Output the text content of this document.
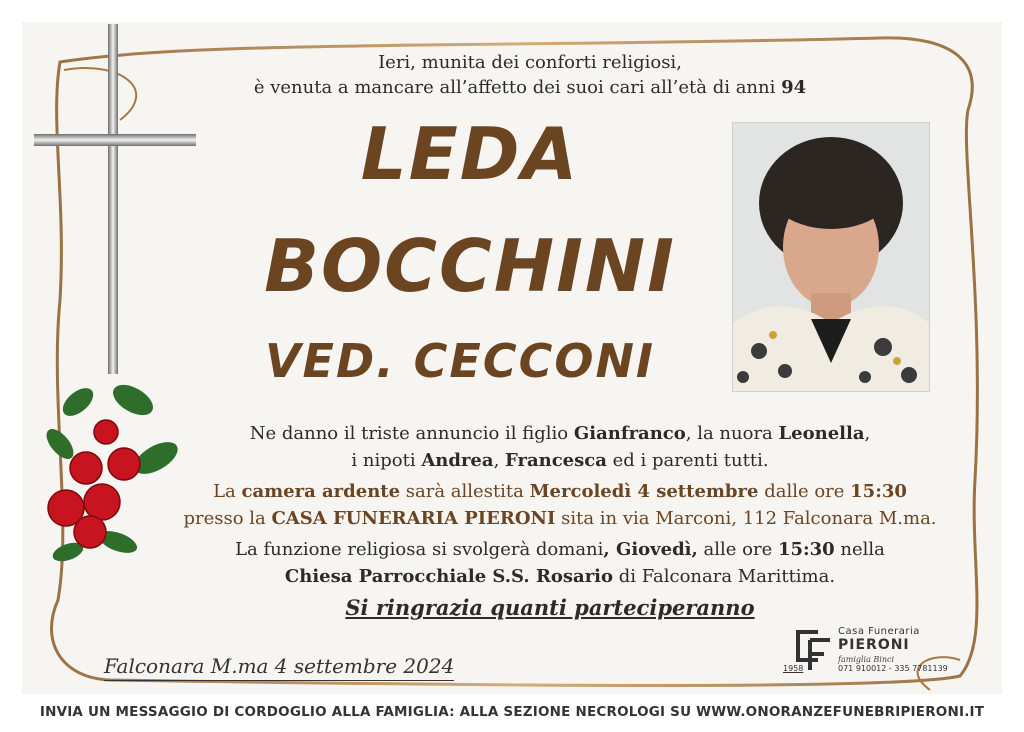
Ieri, munita dei conforti religiosi,
è venuta a mancare all’affetto dei suoi cari all’età di anni 94
LEDA
BOCCHINI
VED. CECCONI
Ne danno il triste annuncio il figlio Gianfranco, la nuora Leonella,
i nipoti Andrea, Francesca ed i parenti tutti.
La camera ardente sarà allestita Mercoledì 4 settembre dalle ore 15:30
presso la CASA FUNERARIA PIERONI sita in via Marconi, 112 Falconara M.ma.
La funzione religiosa si svolgerà domani, Giovedì, alle ore 15:30 nella
Chiesa Parrocchiale S.S. Rosario di Falconara Marittima.
Si ringrazia quanti parteciperanno
Falconara M.ma 4 settembre 2024
Casa Funeraria
PIERONI
famiglia Binci
071 910012 - 335 7781139
1958
INVIA UN MESSAGGIO DI CORDOGLIO ALLA FAMIGLIA: ALLA SEZIONE NECROLOGI SU WWW.ONORANZEFUNEBRIPIERONI.IT
